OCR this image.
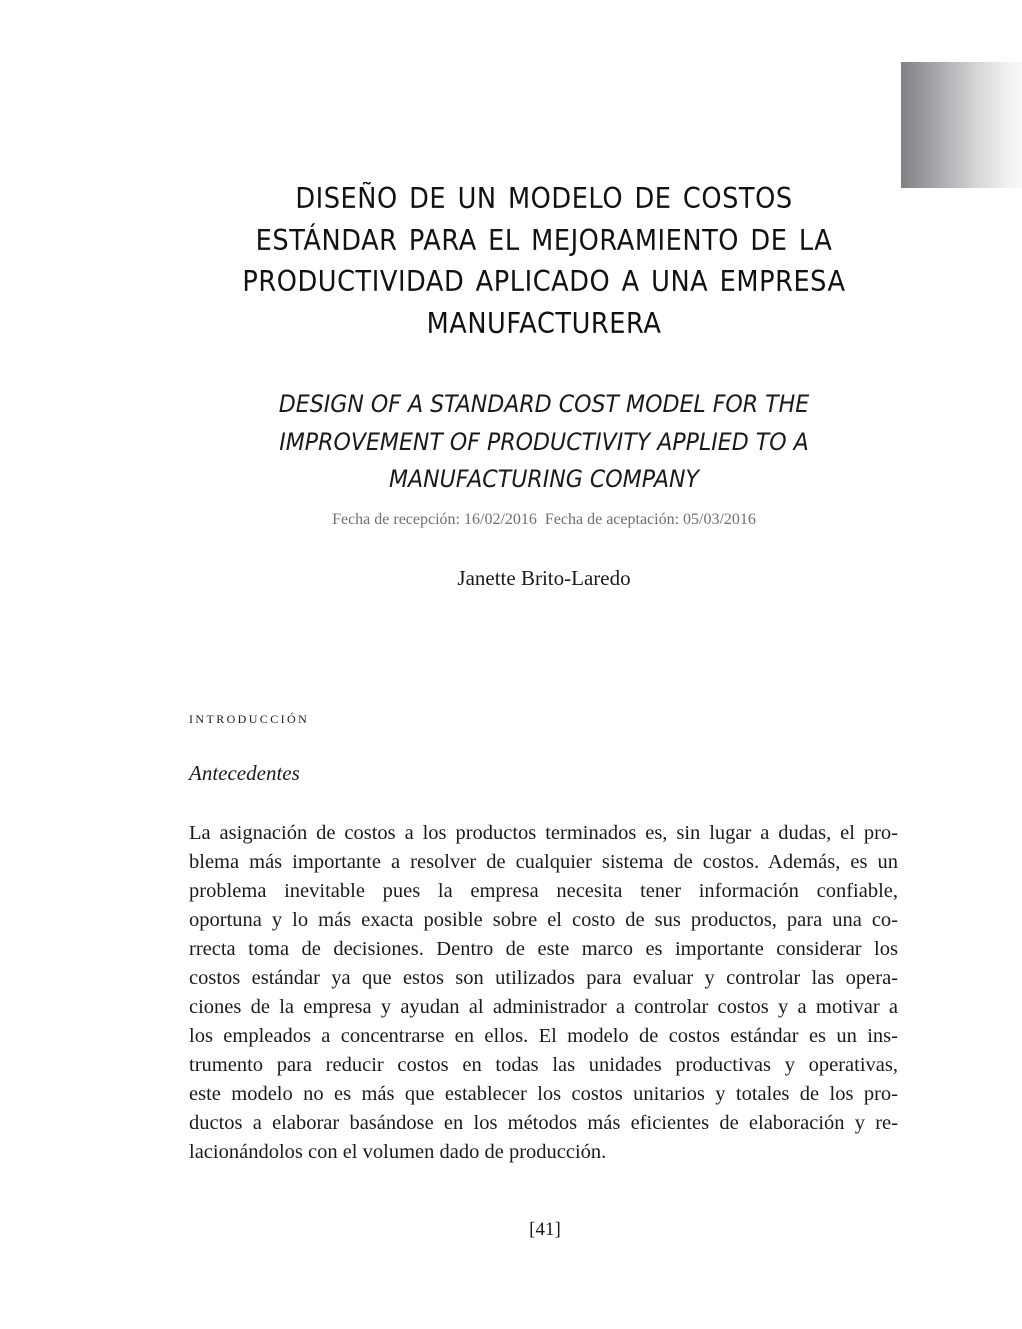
DISEÑO DE UN MODELO DE COSTOS
ESTÁNDAR PARA EL MEJORAMIENTO DE LA
PRODUCTIVIDAD APLICADO A UNA EMPRESA
MANUFACTURERA
DESIGN OF A STANDARD COST MODEL FOR THE
IMPROVEMENT OF PRODUCTIVITY APPLIED TO A
MANUFACTURING COMPANY
Fecha de recepción: 16/02/2016 Fecha de aceptación: 05/03/2016
Janette Brito-Laredo
introducción
Antecedentes
La asignación de costos a los productos terminados es, sin lugar a dudas, el pro-
blema más importante a resolver de cualquier sistema de costos. Además, es un
problema inevitable pues la empresa necesita tener información confiable,
oportuna y lo más exacta posible sobre el costo de sus productos, para una co-
rrecta toma de decisiones. Dentro de este marco es importante considerar los
costos estándar ya que estos son utilizados para evaluar y controlar las opera-
ciones de la empresa y ayudan al administrador a controlar costos y a motivar a
los empleados a concentrarse en ellos. El modelo de costos estándar es un ins-
trumento para reducir costos en todas las unidades productivas y operativas,
este modelo no es más que establecer los costos unitarios y totales de los pro-
ductos a elaborar basándose en los métodos más eficientes de elaboración y re-
lacionándolos con el volumen dado de producción.
[41]
